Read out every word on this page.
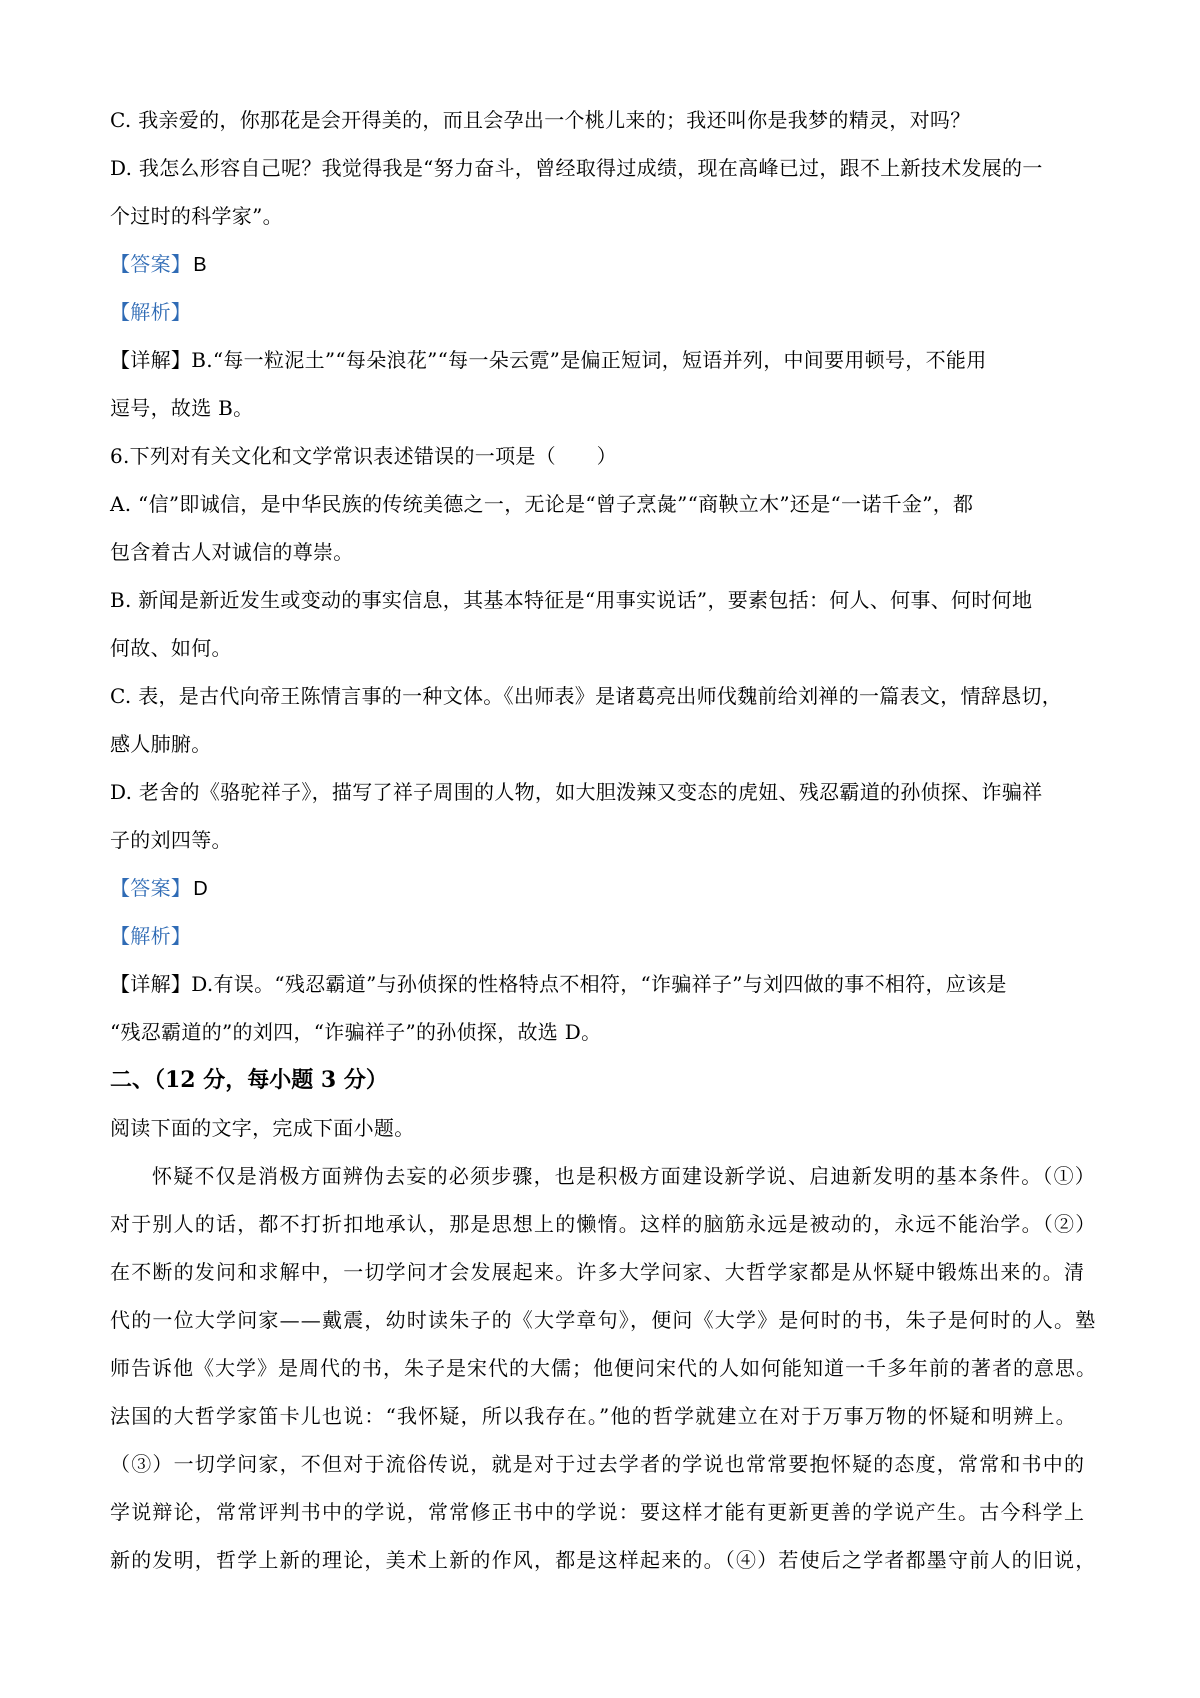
C. 我亲爱的，你那花是会开得美的，而且会孕出一个桃儿来的；我还叫你是我梦的精灵，对吗？
D. 我怎么形容自己呢？我觉得我是“努力奋斗，曾经取得过成绩，现在高峰已过，跟不上新技术发展的一
个过时的科学家”。
【答案】 B
【解析】
【详解】B.“每一粒泥土”“每朵浪花”“每一朵云霓”是偏正短词，短语并列，中间要用顿号，不能用
逗号，故选 B。
6.下列对有关文化和文学常识表述错误的一项是（　　）
A. “信”即诚信，是中华民族的传统美德之一，无论是“曾子烹彘”“商鞅立木”还是“一诺千金”，都
包含着古人对诚信的尊崇。
B. 新闻是新近发生或变动的事实信息，其基本特征是“用事实说话”，要素包括：何人、何事、何时何地
何故、如何。
C. 表，是古代向帝王陈情言事的一种文体。《出师表》是诸葛亮出师伐魏前给刘禅的一篇表文，情辞恳切，
感人肺腑。
D. 老舍的《骆驼祥子》，描写了祥子周围的人物，如大胆泼辣又变态的虎妞、残忍霸道的孙侦探、诈骗祥
子的刘四等。
【答案】 D
【解析】
【详解】D.有误。“残忍霸道”与孙侦探的性格特点不相符，“诈骗祥子”与刘四做的事不相符，应该是
“残忍霸道的”的刘四，“诈骗祥子”的孙侦探，故选 D。
二、（12 分，每小题 3 分）
阅读下面的文字，完成下面小题。
怀疑不仅是消极方面辨伪去妄的必须步骤，也是积极方面建设新学说、启迪新发明的基本条件。（①）
对于别人的话，都不打折扣地承认，那是思想上的懒惰。这样的脑筋永远是被动的，永远不能治学。（②）
在不断的发问和求解中，一切学问才会发展起来。许多大学问家、大哲学家都是从怀疑中锻炼出来的。清
代的一位大学问家——戴震，幼时读朱子的《大学章句》，便问《大学》是何时的书，朱子是何时的人。塾
师告诉他《大学》是周代的书，朱子是宋代的大儒；他便问宋代的人如何能知道一千多年前的著者的意思。
法国的大哲学家笛卡儿也说：“我怀疑，所以我存在。”他的哲学就建立在对于万事万物的怀疑和明辨上。
（③）一切学问家，不但对于流俗传说，就是对于过去学者的学说也常常要抱怀疑的态度，常常和书中的
学说辩论，常常评判书中的学说，常常修正书中的学说：要这样才能有更新更善的学说产生。古今科学上
新的发明，哲学上新的理论，美术上新的作风，都是这样起来的。（④）若使后之学者都墨守前人的旧说，
